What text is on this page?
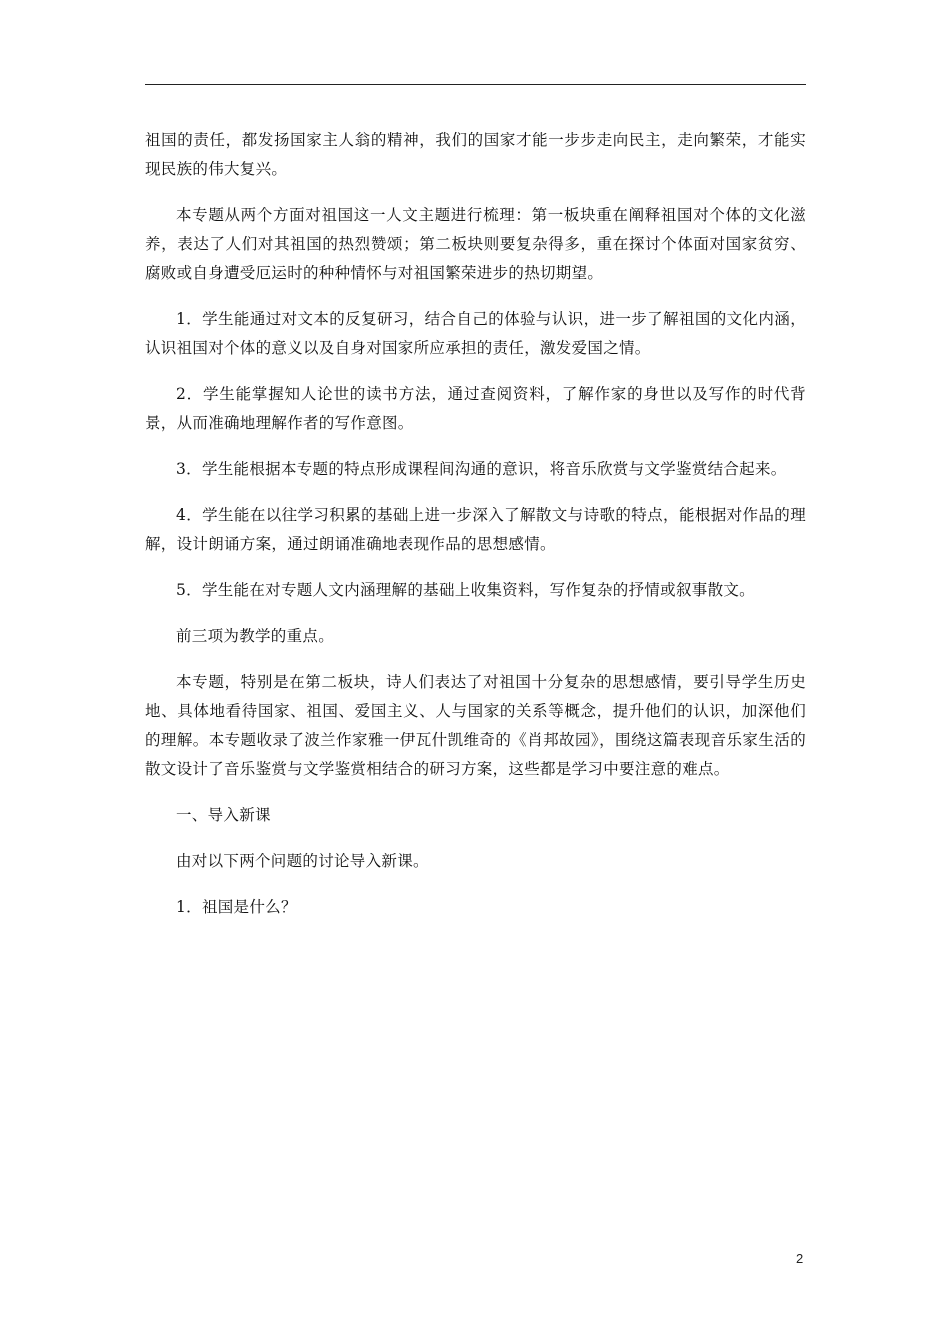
祖国的责任，都发扬国家主人翁的精神，我们的国家才能一步步走向民主，走向繁荣，才能实现民族的伟大复兴。

本专题从两个方面对祖国这一人文主题进行梳理：第一板块重在阐释祖国对个体的文化滋养，表达了人们对其祖国的热烈赞颂；第二板块则要复杂得多，重在探讨个体面对国家贫穷、腐败或自身遭受厄运时的种种情怀与对祖国繁荣进步的热切期望。

1．学生能通过对文本的反复研习，结合自己的体验与认识，进一步了解祖国的文化内涵，认识祖国对个体的意义以及自身对国家所应承担的责任，激发爱国之情。

2．学生能掌握知人论世的读书方法，通过查阅资料，了解作家的身世以及写作的时代背景，从而准确地理解作者的写作意图。

3．学生能根据本专题的特点形成课程间沟通的意识，将音乐欣赏与文学鉴赏结合起来。

4．学生能在以往学习积累的基础上进一步深入了解散文与诗歌的特点，能根据对作品的理解，设计朗诵方案，通过朗诵准确地表现作品的思想感情。

5．学生能在对专题人文内涵理解的基础上收集资料，写作复杂的抒情或叙事散文。

前三项为教学的重点。

本专题，特别是在第二板块，诗人们表达了对祖国十分复杂的思想感情，要引导学生历史地、具体地看待国家、祖国、爱国主义、人与国家的关系等概念，提升他们的认识，加深他们的理解。本专题收录了波兰作家雅一伊瓦什凯维奇的《肖邦故园》，围绕这篇表现音乐家生活的散文设计了音乐鉴赏与文学鉴赏相结合的研习方案，这些都是学习中要注意的难点。

一、导入新课

由对以下两个问题的讨论导入新课。

1．祖国是什么？

2
